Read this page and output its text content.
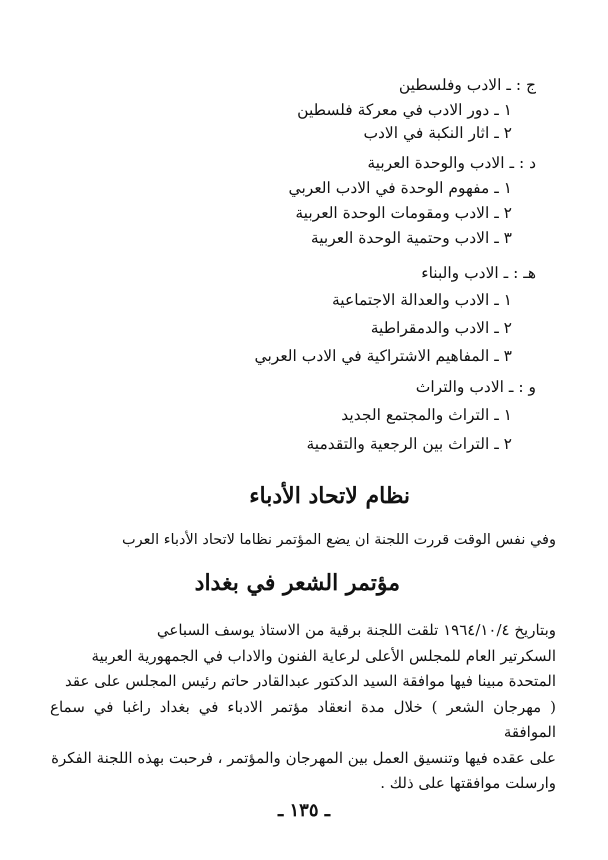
ج : ـ الادب وفلسطين
١ ـ دور الادب في معركة فلسطين
٢ ـ اثار النكبة في الادب
د : ـ الادب والوحدة العربية
١ ـ مفهوم الوحدة في الادب العربي
٢ ـ الادب ومقومات الوحدة العربية
٣ ـ الادب وحتمية الوحدة العربية
هـ : ـ الادب والبناء
١ ـ الادب والعدالة الاجتماعية
٢ ـ الادب والدمقراطية
٣ ـ المفاهيم الاشتراكية في الادب العربي
و : ـ الادب والتراث
١ ـ التراث والمجتمع الجديد
٢ ـ التراث بين الرجعية والتقدمية
نظام لاتحاد الأدباء
وفي نفس الوقت قررت اللجنة ان يضع المؤتمر نظاما لاتحاد الأدباء العرب
مؤتمر الشعر في بغداد
وبتاريخ ١٩٦٤/١٠/٤ تلقت اللجنة برقية من الاستاذ يوسف السباعي
السكرتير العام للمجلس الأعلى لرعاية الفنون والاداب في الجمهورية العربية
المتحدة مبينا فيها موافقة السيد الدكتور عبدالقادر حاتم رئيس المجلس على عقد
( مهرجان الشعر ) خلال مدة انعقاد مؤتمر الادباء في بغداد راغبا في سماع الموافقة
على عقده فيها وتنسيق العمل بين المهرجان والمؤتمر ، فرحبت بهذه اللجنة الفكرة
وارسلت موافقتها على ذلك .
ـ ١٣٥ ـ
